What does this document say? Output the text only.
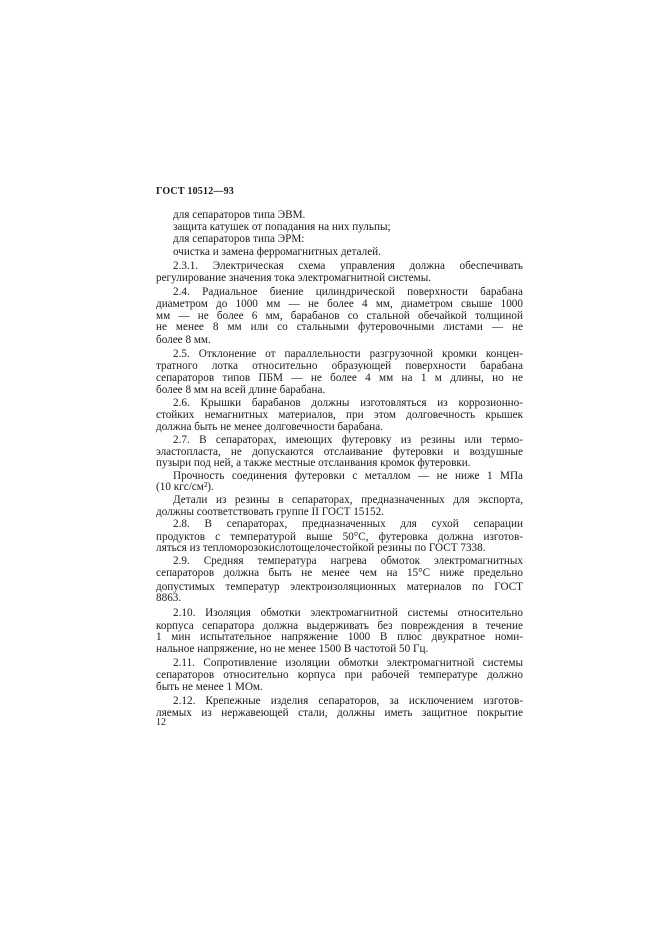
ГОСТ 10512—93
для сепараторов типа ЭВМ.
защита катушек от попадания на них пульпы;
для сепараторов типа ЭРМ:
очистка и замена ферромагнитных деталей.
2.3.1. Электрическая схема управления должна обеспечивать
регулирование значения тока электромагнитной системы.
2.4. Радиальное биение цилиндрической поверхности барабана
диаметром до 1000 мм — не более 4 мм, диаметром свыше 1000
мм — не более 6 мм, барабанов со стальной обечайкой толщиной
не менее 8 мм или со стальными футеровочными листами — не
более 8 мм.
2.5. Отклонение от параллельности разгрузочной кромки концен-
тратного лотка относительно образующей поверхности барабана
сепараторов типов ПБМ — не более 4 мм на 1 м длины, но не
более 8 мм на всей длине барабана.
2.6. Крышки барабанов должны изготовляться из коррозионно-
стойких немагнитных материалов, при этом долговечность крышек
должна быть не менее долговечности барабана.
2.7. В сепараторах, имеющих футеровку из резины или термо-
эластопласта, не допускаются отслаивание футеровки и воздушные
пузыри под ней, а также местные отслаивания кромок футеровки.
Прочность соединения футеровки с металлом — не ниже 1 МПа
(10 кгс/см²).
Детали из резины в сепараторах, предназначенных для экспорта,
должны соответствовать группе II ГОСТ 15152.
2.8. В сепараторах, предназначенных для сухой сепарации
продуктов с температурой выше 50°С, футеровка должна изготов-
ляться из тепломорозокислотощелочестойкой резины по ГОСТ 7338.
2.9. Средняя температура нагрева обмоток электромагнитных
сепараторов должна быть не менее чем на 15°С ниже предельно
допустимых температур электроизоляционных материалов по ГОСТ
8863.
2.10. Изоляция обмотки электромагнитной системы относительно
корпуса сепаратора должна выдерживать без повреждения в течение
1 мин испытательное напряжение 1000 В плюс двукратное номи-
нальное напряжение, но не менее 1500 В частотой 50 Гц.
2.11. Сопротивление изоляции обмотки электромагнитной системы
сепараторов относительно корпуса при рабочей температуре должно
быть не менее 1 МОм.
2.12. Крепежные изделия сепараторов, за исключением изготов-
ляемых из нержавеющей стали, должны иметь защитное покрытие
12
